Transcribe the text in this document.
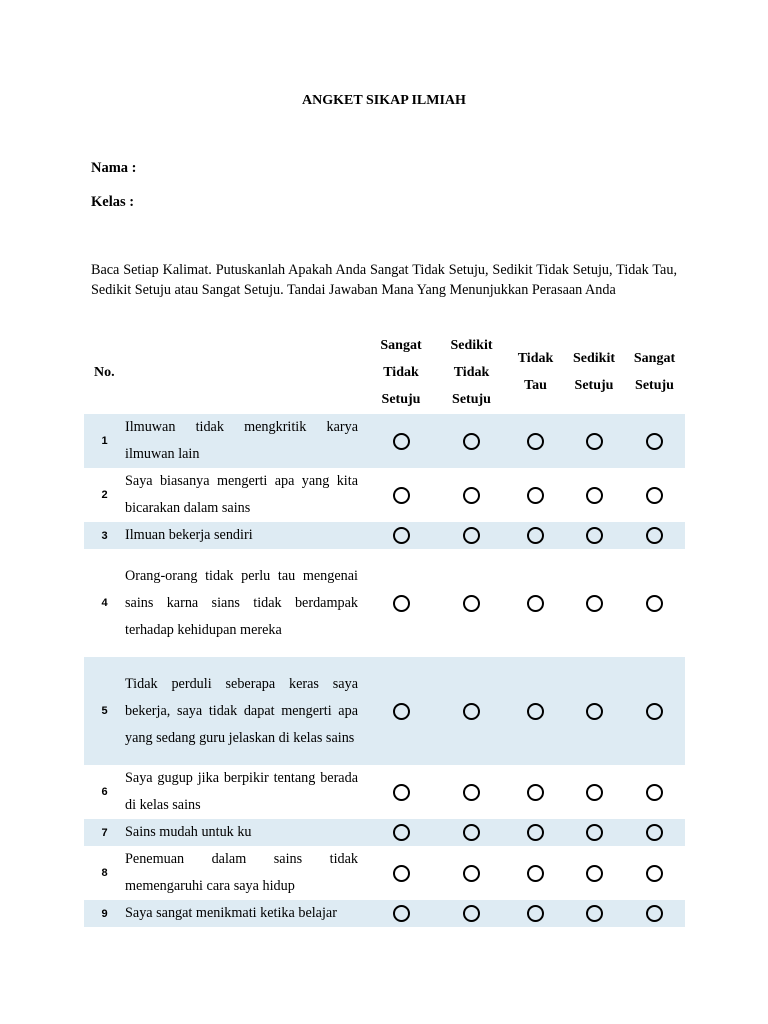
ANGKET SIKAP ILMIAH
Nama :
Kelas :
Baca Setiap Kalimat. Putuskanlah Apakah Anda Sangat Tidak Setuju, Sedikit Tidak Setuju, Tidak Tau, Sedikit Setuju atau Sangat Setuju. Tandai Jawaban Mana Yang Menunjukkan Perasaan Anda
No.		Sangat
Tidak
Setuju	Sedikit
Tidak
Setuju	Tidak
Tau	Sedikit
Setuju	Sangat
Setuju
1	Ilmuwan tidak mengkritik karya ilmuwan lain					
2	Saya biasanya mengerti apa yang kita bicarakan dalam sains					
3	Ilmuan bekerja sendiri					
4	Orang-orang tidak perlu tau mengenai sains karna sians tidak berdampak terhadap kehidupan mereka					
5	Tidak perduli seberapa keras saya bekerja, saya tidak dapat mengerti apa yang sedang guru jelaskan di kelas sains					
6	Saya gugup jika berpikir tentang berada di kelas sains					
7	Sains mudah untuk ku					
8	Penemuan dalam sains tidak memengaruhi cara saya hidup					
9	Saya sangat menikmati ketika belajar					
